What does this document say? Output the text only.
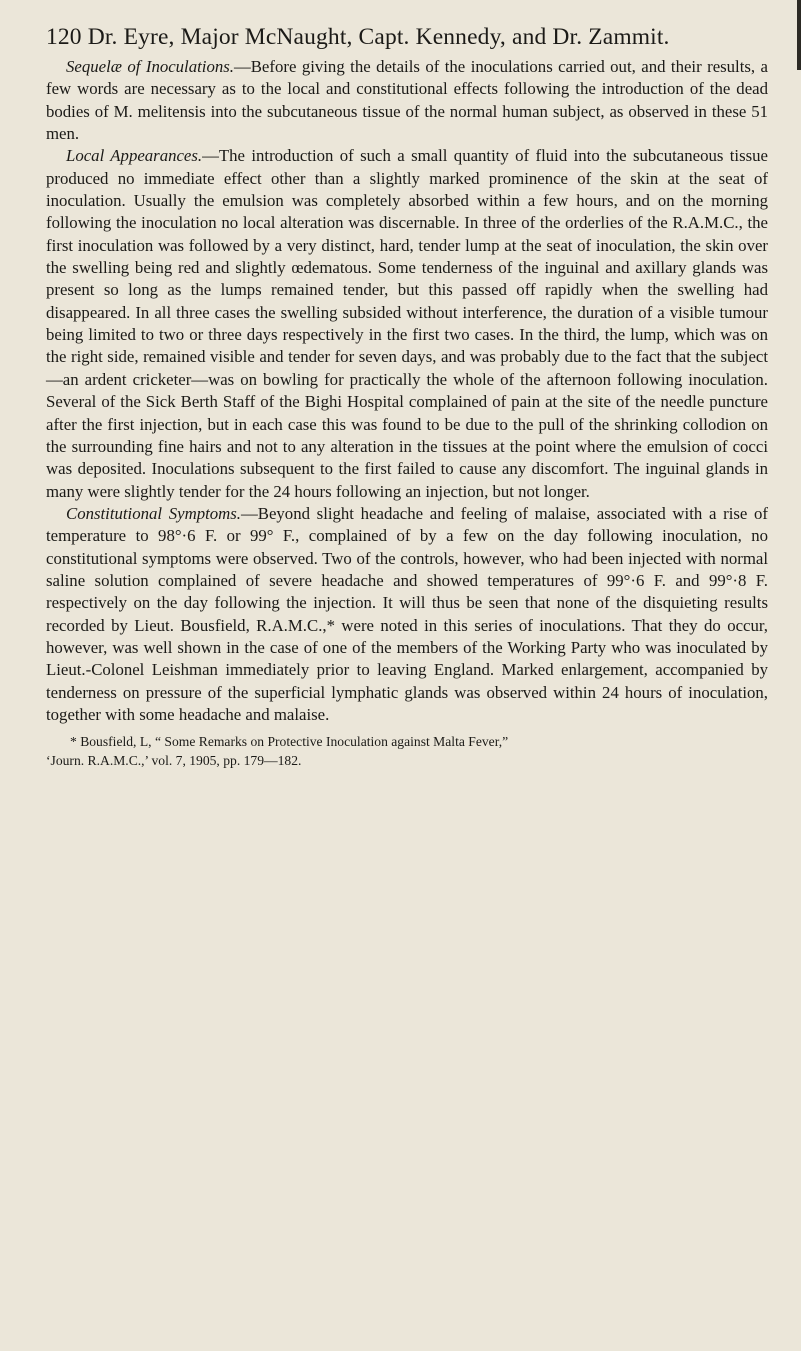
120 Dr. Eyre, Major McNaught, Capt. Kennedy, and Dr. Zammit.

Sequelæ of Inoculations.—Before giving the details of the inoculations carried out, and their results, a few words are necessary as to the local and constitutional effects following the introduction of the dead bodies of M. melitensis into the subcutaneous tissue of the normal human subject, as observed in these 51 men.

Local Appearances.—The introduction of such a small quantity of fluid into the subcutaneous tissue produced no immediate effect other than a slightly marked prominence of the skin at the seat of inoculation. Usually the emulsion was completely absorbed within a few hours, and on the morning following the inoculation no local alteration was discernable. In three of the orderlies of the R.A.M.C., the first inoculation was followed by a very distinct, hard, tender lump at the seat of inoculation, the skin over the swelling being red and slightly œdematous. Some tenderness of the inguinal and axillary glands was present so long as the lumps remained tender, but this passed off rapidly when the swelling had disappeared. In all three cases the swelling subsided without interference, the duration of a visible tumour being limited to two or three days respectively in the first two cases. In the third, the lump, which was on the right side, remained visible and tender for seven days, and was probably due to the fact that the subject—an ardent cricketer—was on bowling for practically the whole of the afternoon following inoculation. Several of the Sick Berth Staff of the Bighi Hospital complained of pain at the site of the needle puncture after the first injection, but in each case this was found to be due to the pull of the shrinking collodion on the surrounding fine hairs and not to any alteration in the tissues at the point where the emulsion of cocci was deposited. Inoculations subsequent to the first failed to cause any discomfort. The inguinal glands in many were slightly tender for the 24 hours following an injection, but not longer.

Constitutional Symptoms.—Beyond slight headache and feeling of malaise, associated with a rise of temperature to 98°·6 F. or 99° F., complained of by a few on the day following inoculation, no constitutional symptoms were observed. Two of the controls, however, who had been injected with normal saline solution complained of severe headache and showed temperatures of 99°·6 F. and 99°·8 F. respectively on the day following the injection. It will thus be seen that none of the disquieting results recorded by Lieut. Bousfield, R.A.M.C.,* were noted in this series of inoculations. That they do occur, however, was well shown in the case of one of the members of the Working Party who was inoculated by Lieut.-Colonel Leishman immediately prior to leaving England. Marked enlargement, accompanied by tenderness on pressure of the superficial lymphatic glands was observed within 24 hours of inoculation, together with some headache and malaise.

* Bousfield, L, “ Some Remarks on Protective Inoculation against Malta Fever,”
‘Journ. R.A.M.C.,’ vol. 7, 1905, pp. 179—182.
